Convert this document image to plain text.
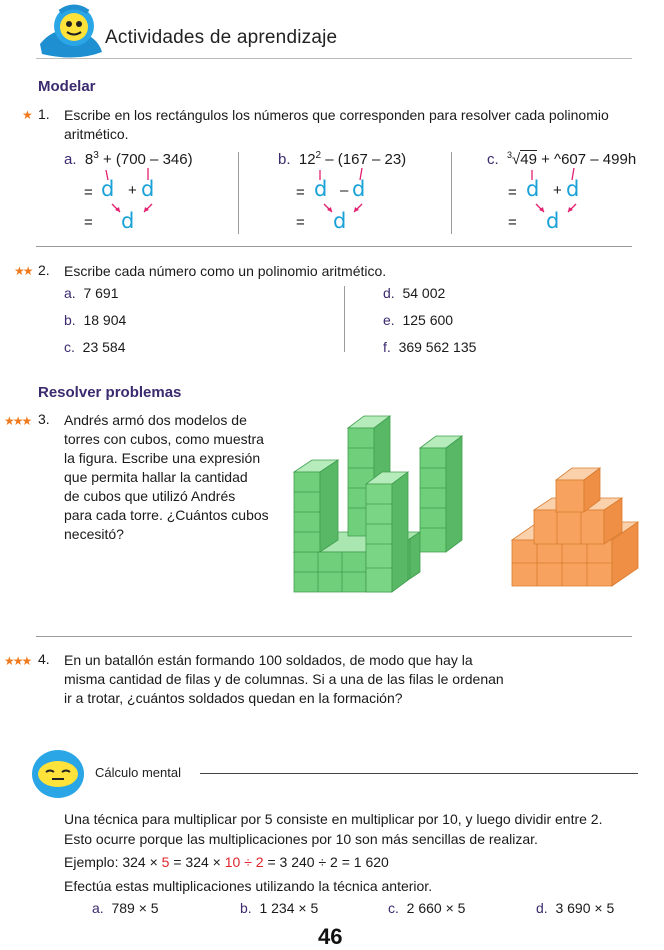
Actividades de aprendizaje
Modelar
★ 1. Escribe en los rectángulos los números que corresponden para resolver cada polinomio aritmético.
a. $8^3 + (700 - 346)$
= d + d
= d
b. $12^2 - (167 - 23)$
= d – d
= d
c. $^3$√49 + ^607 – 499h
= d + d
= d
★★ 2. Escribe cada número como un polinomio aritmético.
a. 7 691
b. 18 904
c. 23 584
d. 54 002
e. 125 600
f. 369 562 135
Resolver problemas
★★★ 3. Andrés armó dos modelos de
torres con cubos, como muestra
la figura. Escribe una expresión
que permita hallar la cantidad
de cubos que utilizó Andrés
para cada torre. ¿Cuántos cubos
necesitó?
★★★ 4. En un batallón están formando 100 soldados, de modo que hay la
misma cantidad de filas y de columnas. Si a una de las filas le ordenan
ir a trotar, ¿cuántos soldados quedan en la formación?
Cálculo mental
Una técnica para multiplicar por 5 consiste en multiplicar por 10, y luego dividir entre 2.
Esto ocurre porque las multiplicaciones por 10 son más sencillas de realizar.
Ejemplo: 324 × 5 = 324 × 10 ÷ 2 = 3 240 ÷ 2 = 1 620
Efectúa estas multiplicaciones utilizando la técnica anterior.
a. 789 × 5	b. 1 234 × 5	c. 2 660 × 5	d. 3 690 × 5
46
